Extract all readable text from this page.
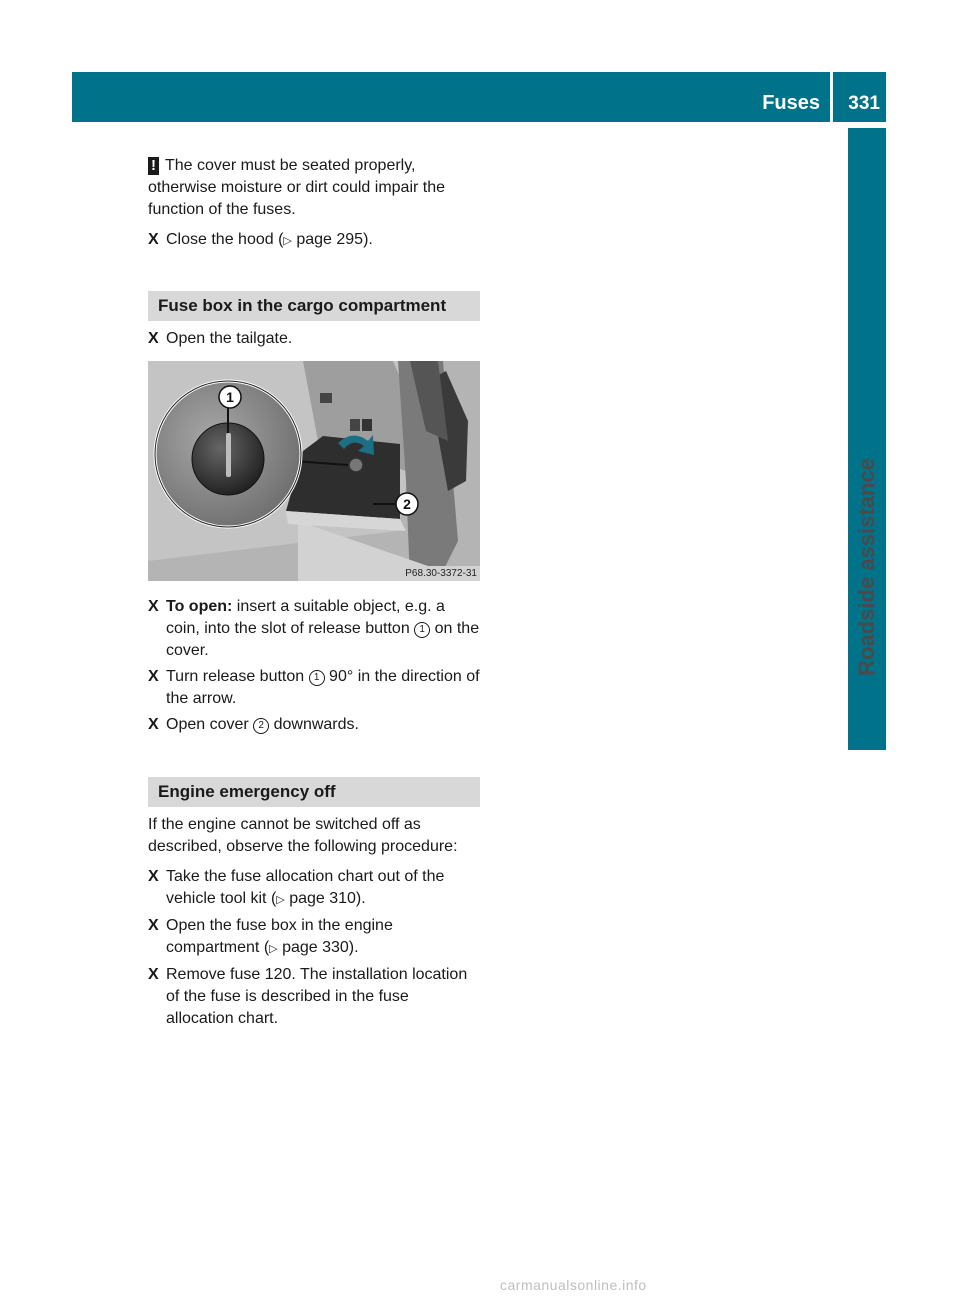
Fuses 331
Roadside assistance

! The cover must be seated properly, otherwise moisture or dirt could impair the function of the fuses.

X Close the hood (▷ page 295).

Fuse box in the cargo compartment

X Open the tailgate.

1
2
P68.30-3372-31

X To open: insert a suitable object, e.g. a coin, into the slot of release button 1 on the cover.

X Turn release button 1 90° in the direction of the arrow.

X Open cover 2 downwards.

Engine emergency off

If the engine cannot be switched off as described, observe the following procedure:

X Take the fuse allocation chart out of the vehicle tool kit (▷ page 310).

X Open the fuse box in the engine compartment (▷ page 330).

X Remove fuse 120. The installation location of the fuse is described in the fuse allocation chart.

carmanualsonline.info
